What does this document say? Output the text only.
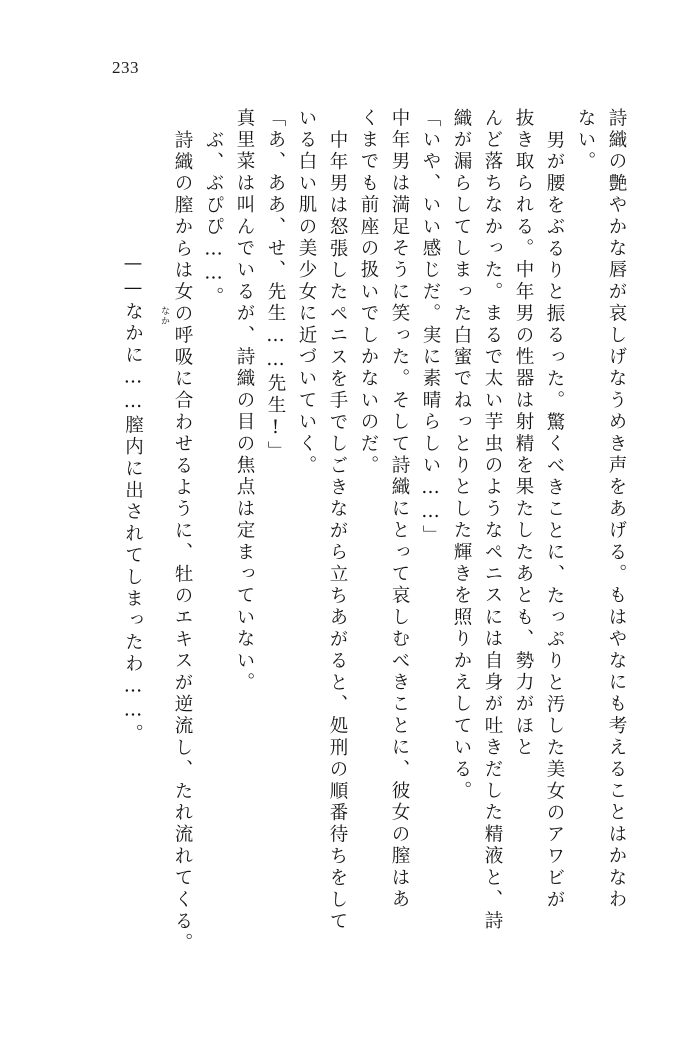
233
詩織の艶やかな唇が哀しげなうめき声をあげる。もはやなにも考えることはかなわ
ない。
男が腰をぶるりと振るった。驚くべきことに、たっぷりと汚した美女のアワビが
抜き取られる。中年男の性器は射精を果たしたあとも、勢力がほと
んど落ちなかった。まるで太い芋虫のようなペニスには自身が吐きだした精液と、詩
織が漏らしてしまった白蜜でねっとりとした輝きを照りかえしている。
「いや、いい感じだ。実に素晴らしい……」
中年男は満足そうに笑った。そして詩織にとって哀しむべきことに、彼女の膣はあ
くまでも前座の扱いでしかないのだ。
中年男は怒張したペニスを手でしごきながら立ちあがると、処刑の順番待ちをして
いる白い肌の美少女に近づいていく。
「あ、ああ、せ、先生……先生!」
真里菜は叫んでいるが、詩織の目の焦点は定まっていない。
ぶ、ぶぴぴ……。
詩織の膣からは女の呼吸に合わせるように、牡のエキスが逆流し、たれ流れてくる。

——なかに……膣内に出されてしまったわ……。
なか
